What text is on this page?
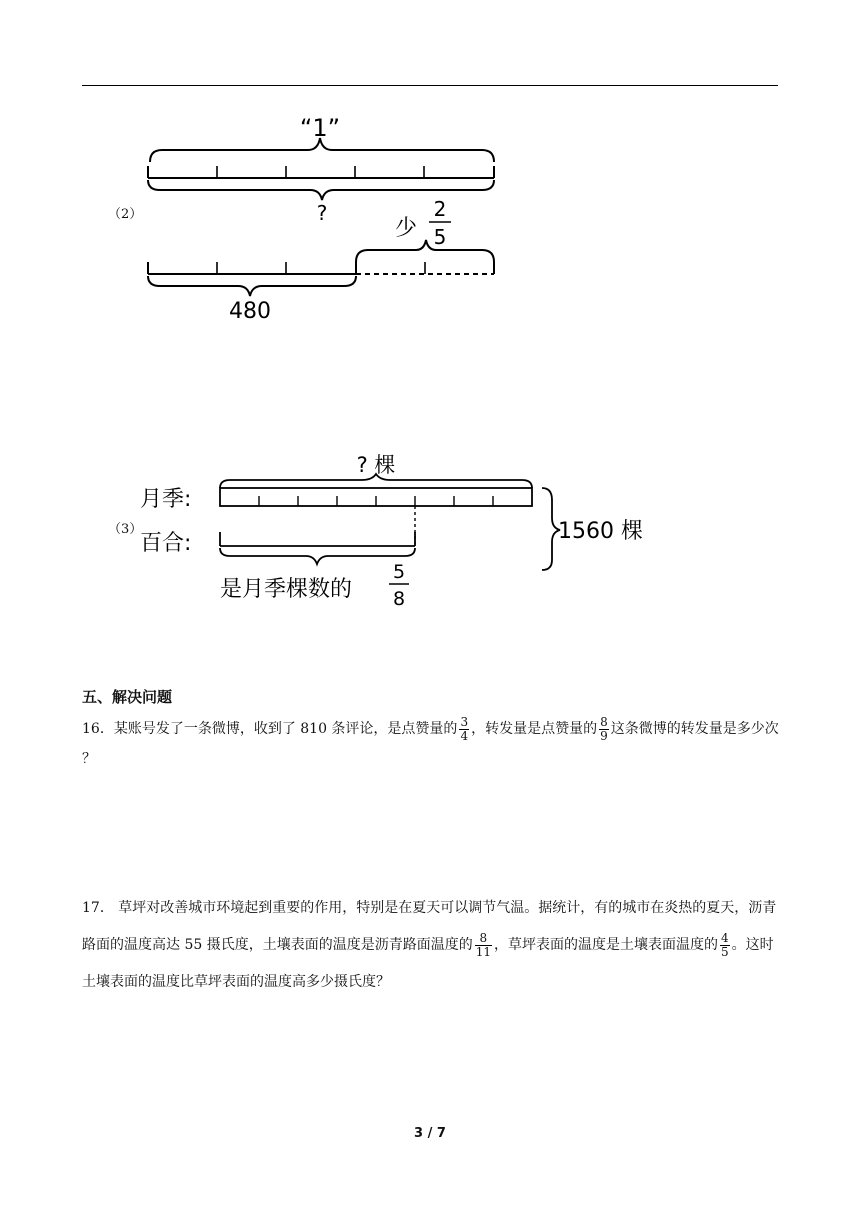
（2）
“1”
?
少
2
5
480
（3）
? 棵
月季:
百合:
是月季棵数的
5
8
1560 棵
五、解决问题
16．某账号发了一条微博，收到了 810 条评论，是点赞量的 $\frac{3}{4}$ ，转发量是点赞量的 $\frac{8}{9}$ 这条微博的转发量是多少次 ？
17． 草坪对改善城市环境起到重要的作用，特别是在夏天可以调节气温。据统计，有的城市在炎热的夏天，沥青路面的温度高达 55 摄氏度，土壤表面的温度是沥青路面温度的 $\frac{8}{11}$ ，草坪表面的温度是土壤表面温度的 $\frac{4}{5}$ 。这时土壤表面的温度比草坪表面的温度高多少摄氏度？
3 / 7
